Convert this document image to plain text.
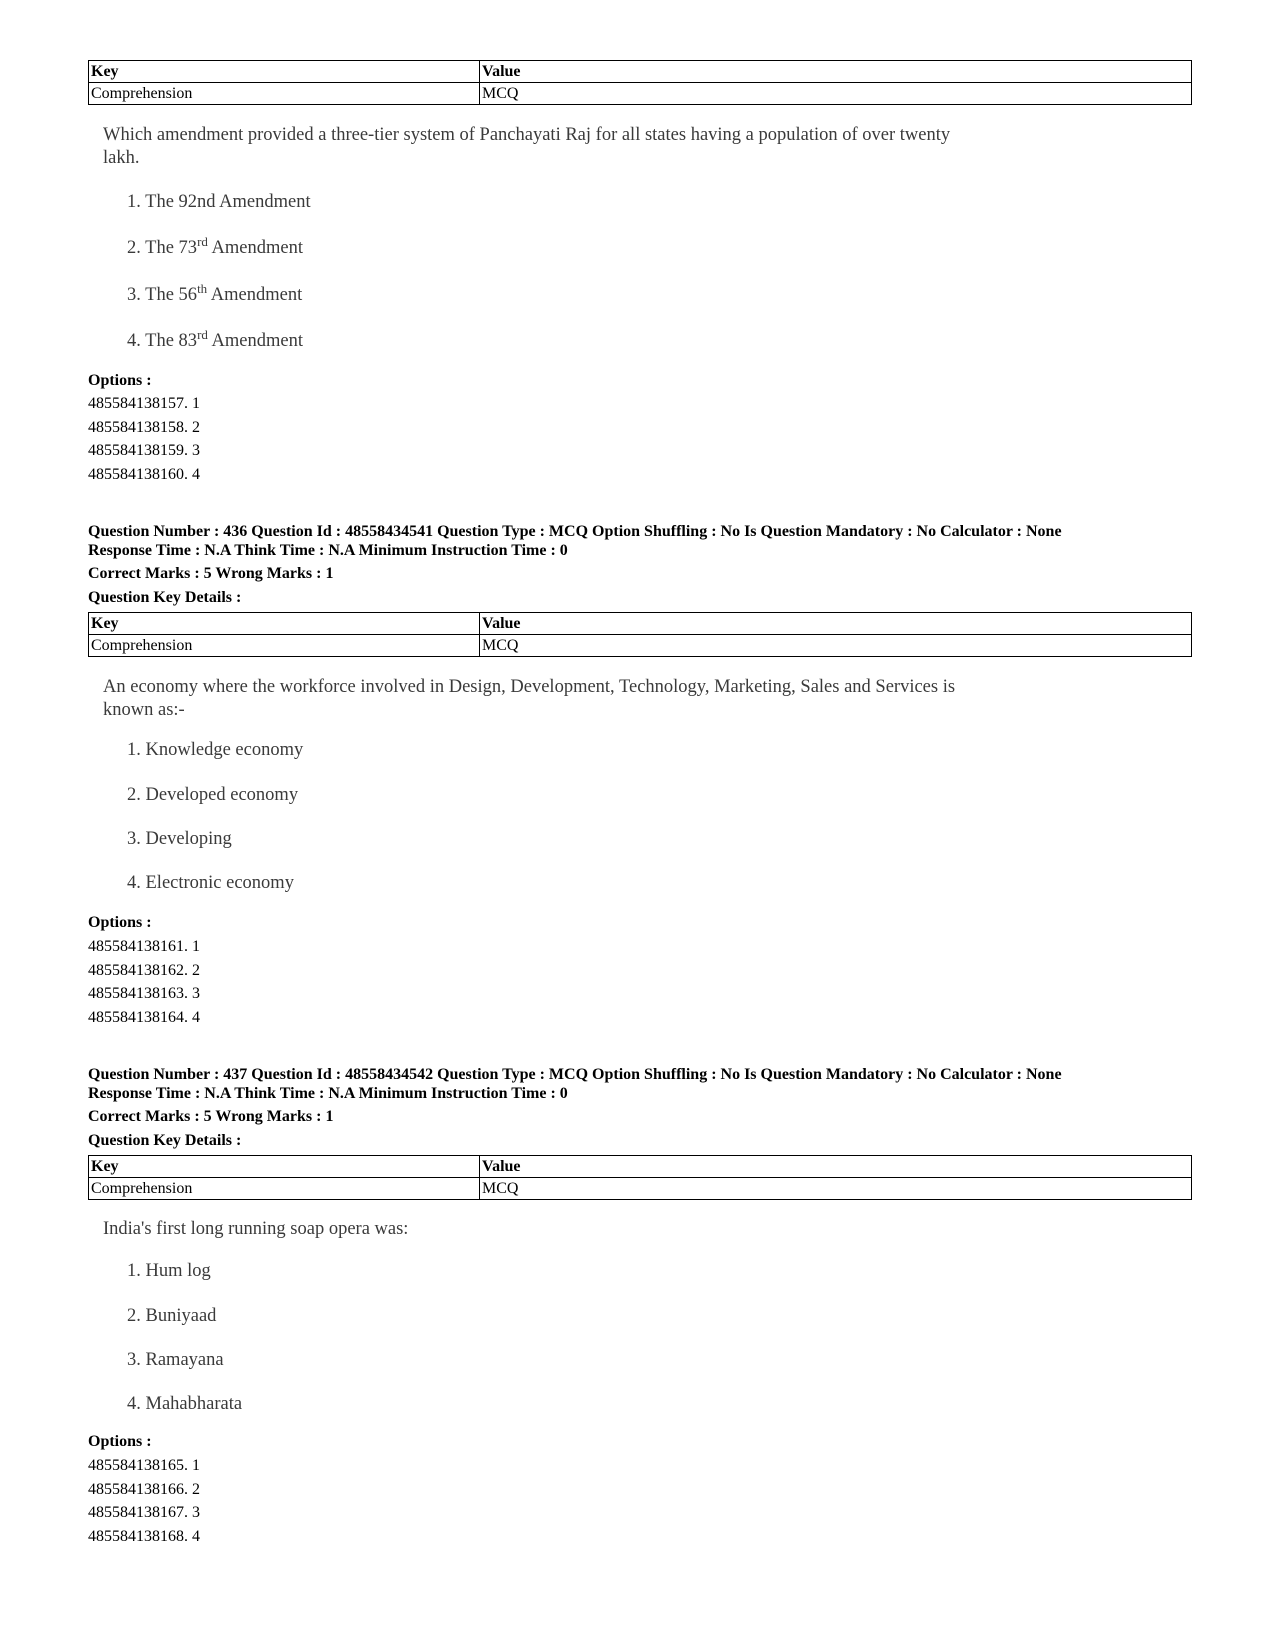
Key	Value
Comprehension	MCQ
Which amendment provided a three-tier system of Panchayati Raj for all states having a population of over twenty lakh.
1. The 92nd Amendment
2. The 73rd Amendment
3. The 56th Amendment
4. The 83rd Amendment
Options :
485584138157. 1
485584138158. 2
485584138159. 3
485584138160. 4
Question Number : 436 Question Id : 48558434541 Question Type : MCQ Option Shuffling : No Is Question Mandatory : No Calculator : None
Response Time : N.A Think Time : N.A Minimum Instruction Time : 0
Correct Marks : 5 Wrong Marks : 1
Question Key Details :
Key	Value
Comprehension	MCQ
An economy where the workforce involved in Design, Development, Technology, Marketing, Sales and Services is known as:-
1. Knowledge economy
2. Developed economy
3. Developing
4. Electronic economy
Options :
485584138161. 1
485584138162. 2
485584138163. 3
485584138164. 4
Question Number : 437 Question Id : 48558434542 Question Type : MCQ Option Shuffling : No Is Question Mandatory : No Calculator : None
Response Time : N.A Think Time : N.A Minimum Instruction Time : 0
Correct Marks : 5 Wrong Marks : 1
Question Key Details :
Key	Value
Comprehension	MCQ
India's first long running soap opera was:
1. Hum log
2. Buniyaad
3. Ramayana
4. Mahabharata
Options :
485584138165. 1
485584138166. 2
485584138167. 3
485584138168. 4
